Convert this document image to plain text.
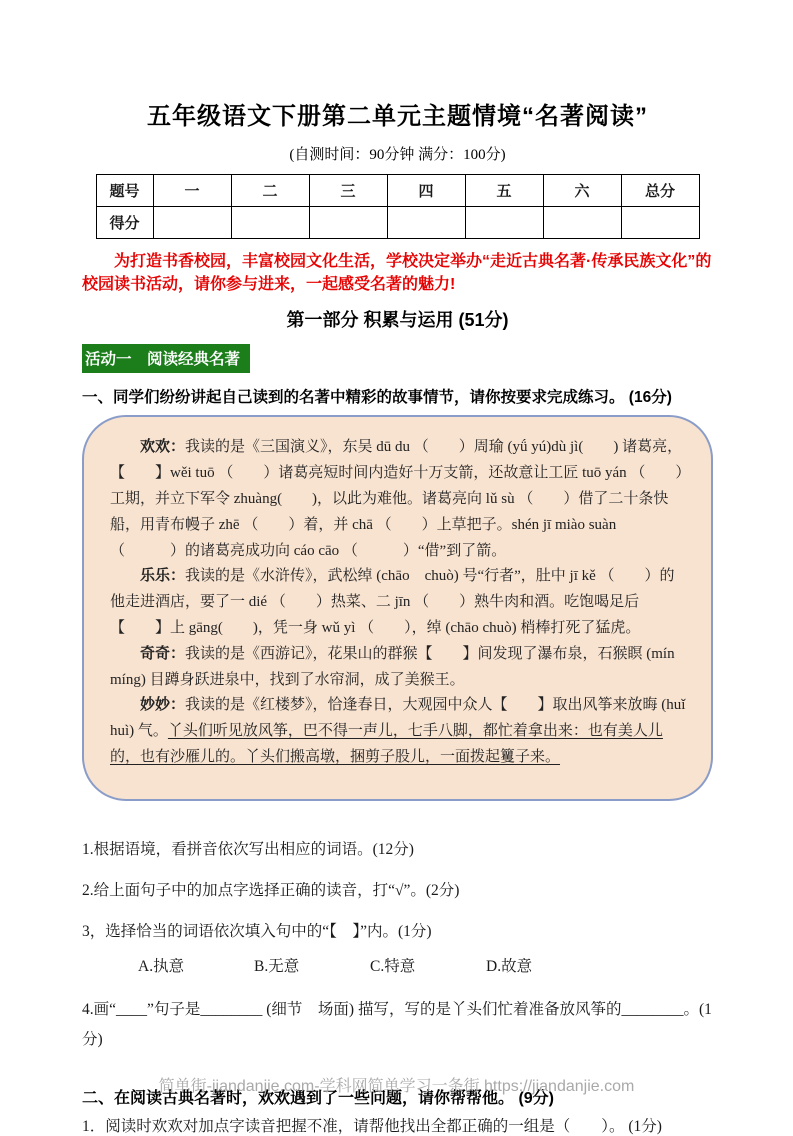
五年级语文下册第二单元主题情境“名著阅读”
(自测时间：90分钟 满分：100分)
题号	一	二	三	四	五	六	总分
得分							

为打造书香校园，丰富校园文化生活，学校决定举办“走近古典名著·传承民族文化”的校园读书活动，请你参与进来，一起感受名著的魅力!

第一部分 积累与运用 (51分)
活动一　阅读经典名著

一、同学们纷纷讲起自己读到的名著中精彩的故事情节，请你按要求完成练习。 (16分)

欢欢：我读的是《三国演义》，东吴 dū du （　　）周瑜 (yǘ yú)dù jì(　　) 诸葛亮，【　　】wěi tuō （　　）诸葛亮短时间内造好十万支箭，还故意让工匠 tuō yán （　　）工期，并立下军令 zhuàng(　　)，以此为难他。诸葛亮向 lǔ sù （　　）借了二十条快船，用青布幔子 zhē （　　）着，并 chā （　　）上草把子。shén jī miào suàn （　　　）的诸葛亮成功向 cáo cāo （　　　）“借”到了箭。

乐乐：我读的是《水浒传》，武松绰 (chāo　chuò) 号“行者”，肚中 jī kě （　　）的他走进酒店，要了一 dié （　　）热菜、二 jīn （　　）熟牛肉和酒。吃饱喝足后【　　】上 gāng(　　)，凭一身 wǔ yì （　　），绰 (chāo chuò) 梢棒打死了猛虎。

奇奇：我读的是《西游记》，花果山的群猴【　　】间发现了瀑布泉，石猴瞑 (mín míng) 目蹲身跃进泉中，找到了水帘洞，成了美猴王。

妙妙：我读的是《红楼梦》，恰逢春日，大观园中众人【　　】取出风筝来放晦 (huǐ huì) 气。丫头们听见放风筝，巴不得一声儿，七手八脚，都忙着拿出来：也有美人儿的，也有沙雁儿的。丫头们搬高墩，捆剪子股儿，一面拨起籰子来。

1.根据语境，看拼音依次写出相应的词语。(12分)

2.给上面句子中的加点字选择正确的读音，打“√”。(2分)

3，选择恰当的词语依次填入句中的“【　】”内。(1分)

A.执意	B.无意	C.特意	D.故意

4.画“____”句子是________ (细节　场面) 描写，写的是丫头们忙着准备放风筝的________。(1分)

二、在阅读古典名著时，欢欢遇到了一些问题，请你帮帮他。 (9分)

1．阅读时欢欢对加点字读音把握不准，请帮他找出全都正确的一组是（　　）。 (1分)

简单街-jiandanjie.com-学科网简单学习一条街 https://jiandanjie.com
